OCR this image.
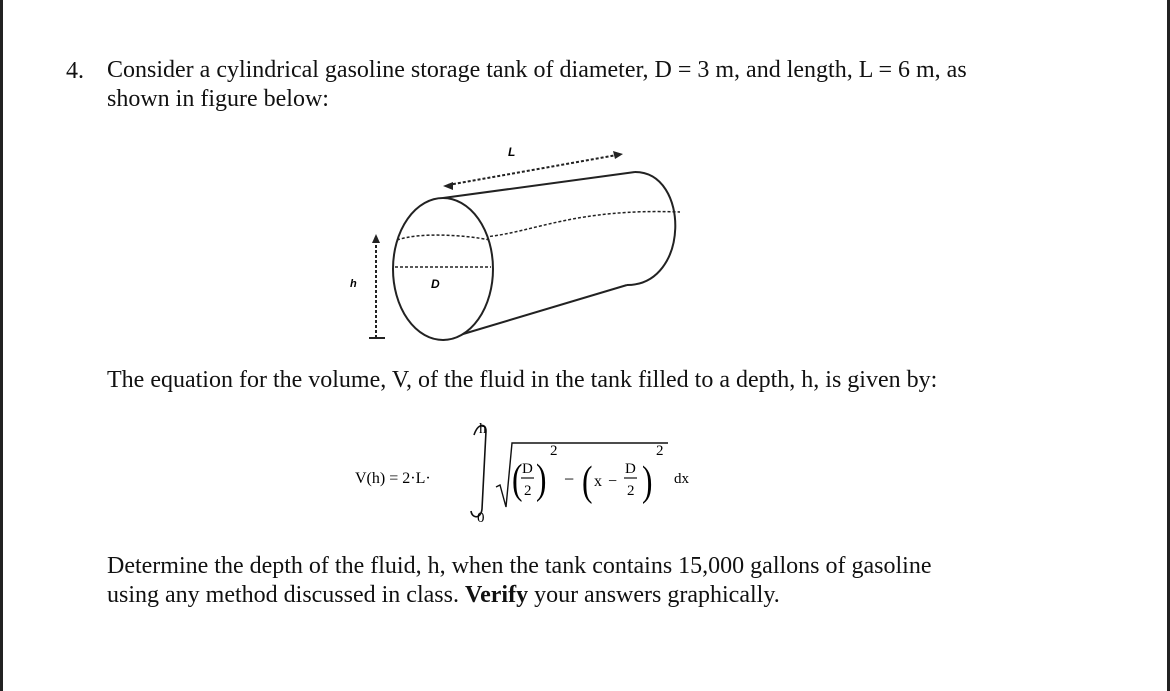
4. Consider a cylindrical gasoline storage tank of diameter, D = 3 m, and length, L = 6 m, as
shown in figure below:
L
D
h
The equation for the volume, V, of the fluid in the tank filled to a depth, h, is given by:
V(h) = 2·L·
h
0
( D
2 )
2
− ( x −
D
2 )
2
dx
Determine the depth of the fluid, h, when the tank contains 15,000 gallons of gasoline
using any method discussed in class. Verify your answers graphically.
